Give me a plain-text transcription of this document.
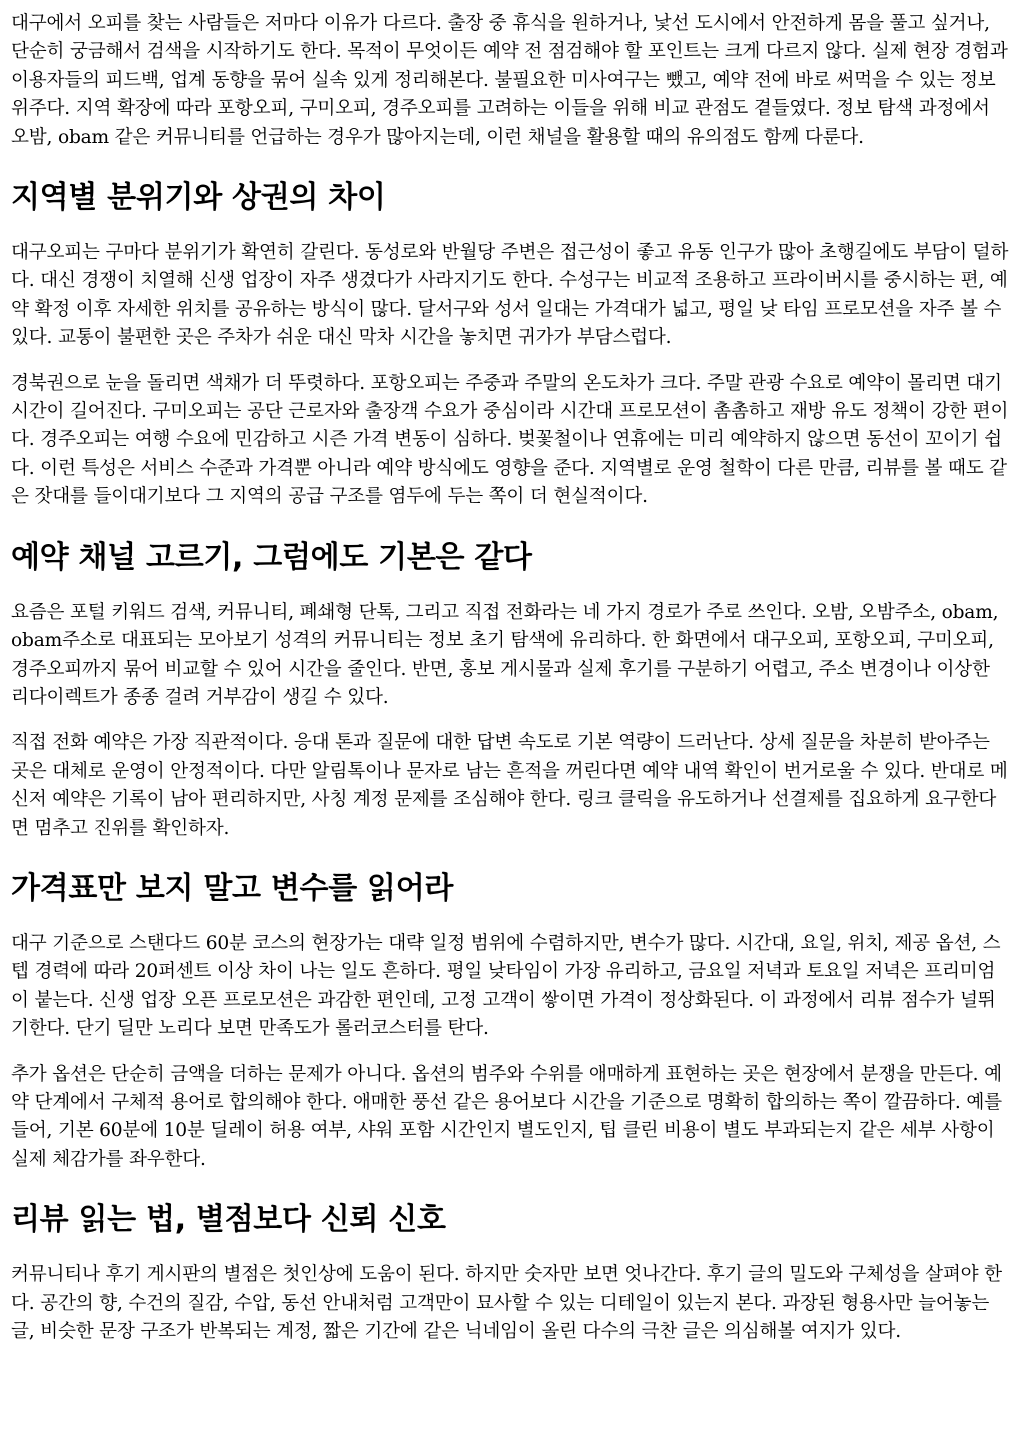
대구에서 오피를 찾는 사람들은 저마다 이유가 다르다. 출장 중 휴식을 원하거나, 낯선 도시에서 안전하게 몸을 풀고 싶거나, 단순히 궁금해서 검색을 시작하기도 한다. 목적이 무엇이든 예약 전 점검해야 할 포인트는 크게 다르지 않다. 실제 현장 경험과 이용자들의 피드백, 업계 동향을 묶어 실속 있게 정리해본다. 불필요한 미사여구는 뺐고, 예약 전에 바로 써먹을 수 있는 정보 위주다. 지역 확장에 따라 포항오피, 구미오피, 경주오피를 고려하는 이들을 위해 비교 관점도 곁들였다. 정보 탐색 과정에서 오밤, obam 같은 커뮤니티를 언급하는 경우가 많아지는데, 이런 채널을 활용할 때의 유의점도 함께 다룬다.

지역별 분위기와 상권의 차이

대구오피는 구마다 분위기가 확연히 갈린다. 동성로와 반월당 주변은 접근성이 좋고 유동 인구가 많아 초행길에도 부담이 덜하다. 대신 경쟁이 치열해 신생 업장이 자주 생겼다가 사라지기도 한다. 수성구는 비교적 조용하고 프라이버시를 중시하는 편, 예약 확정 이후 자세한 위치를 공유하는 방식이 많다. 달서구와 성서 일대는 가격대가 넓고, 평일 낮 타임 프로모션을 자주 볼 수 있다. 교통이 불편한 곳은 주차가 쉬운 대신 막차 시간을 놓치면 귀가가 부담스럽다.

경북권으로 눈을 돌리면 색채가 더 뚜렷하다. 포항오피는 주중과 주말의 온도차가 크다. 주말 관광 수요로 예약이 몰리면 대기 시간이 길어진다. 구미오피는 공단 근로자와 출장객 수요가 중심이라 시간대 프로모션이 촘촘하고 재방 유도 정책이 강한 편이다. 경주오피는 여행 수요에 민감하고 시즌 가격 변동이 심하다. 벚꽃철이나 연휴에는 미리 예약하지 않으면 동선이 꼬이기 쉽다. 이런 특성은 서비스 수준과 가격뿐 아니라 예약 방식에도 영향을 준다. 지역별로 운영 철학이 다른 만큼, 리뷰를 볼 때도 같은 잣대를 들이대기보다 그 지역의 공급 구조를 염두에 두는 쪽이 더 현실적이다.

예약 채널 고르기, 그럼에도 기본은 같다

요즘은 포털 키워드 검색, 커뮤니티, 폐쇄형 단톡, 그리고 직접 전화라는 네 가지 경로가 주로 쓰인다. 오밤, 오밤주소, obam, obam주소로 대표되는 모아보기 성격의 커뮤니티는 정보 초기 탐색에 유리하다. 한 화면에서 대구오피, 포항오피, 구미오피, 경주오피까지 묶어 비교할 수 있어 시간을 줄인다. 반면, 홍보 게시물과 실제 후기를 구분하기 어렵고, 주소 변경이나 이상한 리다이렉트가 종종 걸려 거부감이 생길 수 있다.

직접 전화 예약은 가장 직관적이다. 응대 톤과 질문에 대한 답변 속도로 기본 역량이 드러난다. 상세 질문을 차분히 받아주는 곳은 대체로 운영이 안정적이다. 다만 알림톡이나 문자로 남는 흔적을 꺼린다면 예약 내역 확인이 번거로울 수 있다. 반대로 메신저 예약은 기록이 남아 편리하지만, 사칭 계정 문제를 조심해야 한다. 링크 클릭을 유도하거나 선결제를 집요하게 요구한다면 멈추고 진위를 확인하자.

가격표만 보지 말고 변수를 읽어라

대구 기준으로 스탠다드 60분 코스의 현장가는 대략 일정 범위에 수렴하지만, 변수가 많다. 시간대, 요일, 위치, 제공 옵션, 스텝 경력에 따라 20퍼센트 이상 차이 나는 일도 흔하다. 평일 낮타임이 가장 유리하고, 금요일 저녁과 토요일 저녁은 프리미엄이 붙는다. 신생 업장 오픈 프로모션은 과감한 편인데, 고정 고객이 쌓이면 가격이 정상화된다. 이 과정에서 리뷰 점수가 널뛰기한다. 단기 딜만 노리다 보면 만족도가 롤러코스터를 탄다.

추가 옵션은 단순히 금액을 더하는 문제가 아니다. 옵션의 범주와 수위를 애매하게 표현하는 곳은 현장에서 분쟁을 만든다. 예약 단계에서 구체적 용어로 합의해야 한다. 애매한 풍선 같은 용어보다 시간을 기준으로 명확히 합의하는 쪽이 깔끔하다. 예를 들어, 기본 60분에 10분 딜레이 허용 여부, 샤워 포함 시간인지 별도인지, 팁 클린 비용이 별도 부과되는지 같은 세부 사항이 실제 체감가를 좌우한다.

리뷰 읽는 법, 별점보다 신뢰 신호

커뮤니티나 후기 게시판의 별점은 첫인상에 도움이 된다. 하지만 숫자만 보면 엇나간다. 후기 글의 밀도와 구체성을 살펴야 한다. 공간의 향, 수건의 질감, 수압, 동선 안내처럼 고객만이 묘사할 수 있는 디테일이 있는지 본다. 과장된 형용사만 늘어놓는 글, 비슷한 문장 구조가 반복되는 계정, 짧은 기간에 같은 닉네임이 올린 다수의 극찬 글은 의심해볼 여지가 있다.
